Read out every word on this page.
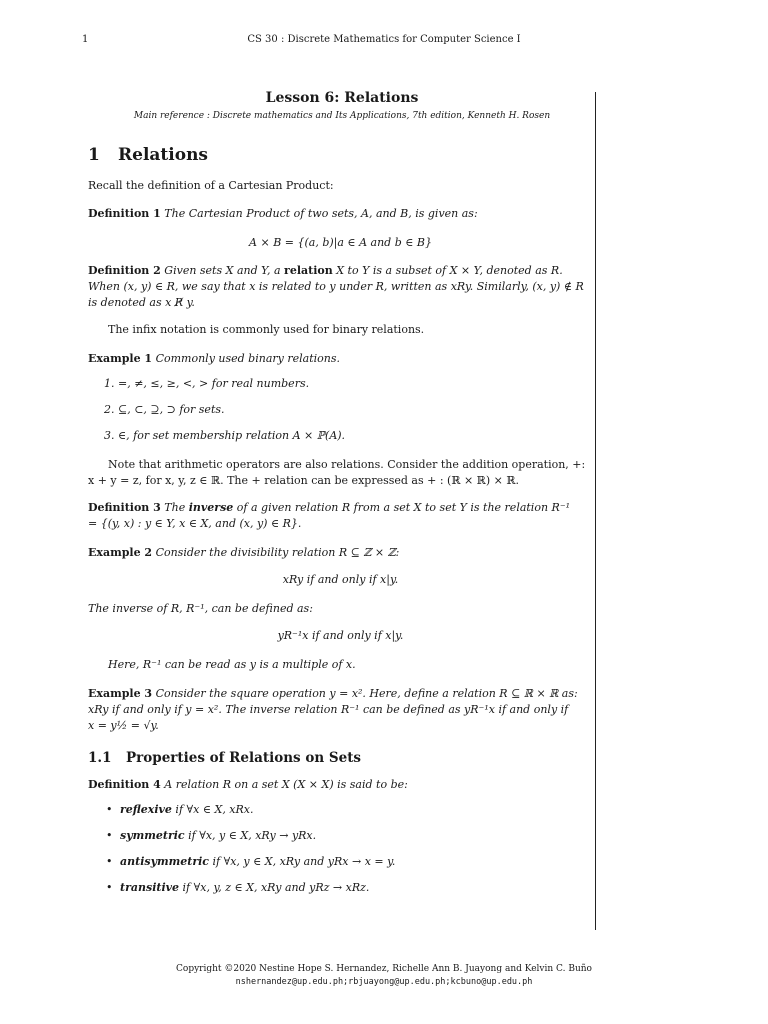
1	CS 30 : Discrete Mathematics for Computer Science I
Lesson 6: Relations
Main reference : Discrete mathematics and Its Applications, 7th edition, Kenneth H. Rosen
1 Relations
Recall the definition of a Cartesian Product:
Definition 1 The Cartesian Product of two sets, A, and B, is given as:
A × B = {(a, b)|a ∈ A and b ∈ B}
Definition 2 Given sets X and Y, a relation X to Y is a subset of X × Y, denoted as R.
When (x, y) ∈ R, we say that x is related to y under R, written as xRy. Similarly, (x, y) ∉ R
is denoted as x R̸ y.
The infix notation is commonly used for binary relations.
Example 1 Commonly used binary relations.
1. =, ≠, ≤, ≥, <, > for real numbers.
2. ⊆, ⊂, ⊇, ⊃ for sets.
3. ∈, for set membership relation A × ℙ(A).
Note that arithmetic operators are also relations. Consider the addition operation, +:
x + y = z, for x, y, z ∈ ℝ. The + relation can be expressed as + : (ℝ × ℝ) × ℝ.
Definition 3 The inverse of a given relation R from a set X to set Y is the relation R⁻¹
= {(y, x) : y ∈ Y, x ∈ X, and (x, y) ∈ R}.
Example 2 Consider the divisibility relation R ⊆ ℤ × ℤ:
xRy if and only if x|y.
The inverse of R, R⁻¹, can be defined as:
yR⁻¹x if and only if x|y.
Here, R⁻¹ can be read as y is a multiple of x.
Example 3 Consider the square operation y = x². Here, define a relation R ⊆ ℝ × ℝ as:
xRy if and only if y = x². The inverse relation R⁻¹ can be defined as yR⁻¹x if and only if
x = y½ = √y.
1.1 Properties of Relations on Sets
Definition 4 A relation R on a set X (X × X) is said to be:
• reflexive if ∀x ∈ X, xRx.
• symmetric if ∀x, y ∈ X, xRy → yRx.
• antisymmetric if ∀x, y ∈ X, xRy and yRx → x = y.
• transitive if ∀x, y, z ∈ X, xRy and yRz → xRz.
Copyright ©2020 Nestine Hope S. Hernandez, Richelle Ann B. Juayong and Kelvin C. Buño
nshernandez@up.edu.ph;rbjuayong@up.edu.ph;kcbuno@up.edu.ph
